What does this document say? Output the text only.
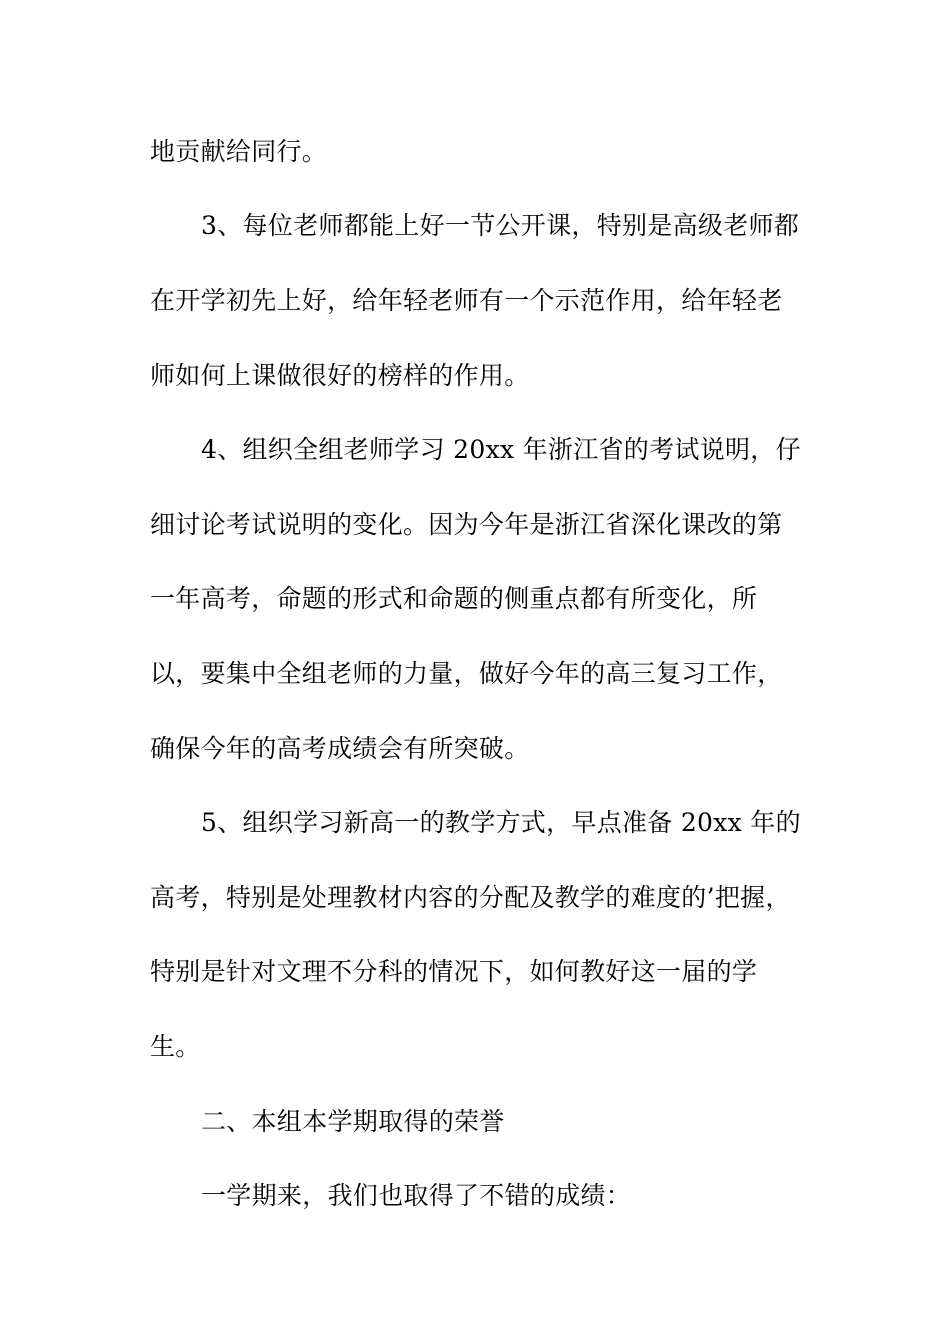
地贡献给同行。
3、每位老师都能上好一节公开课，特别是高级老师都
在开学初先上好，给年轻老师有一个示范作用，给年轻老
师如何上课做很好的榜样的作用。
4、组织全组老师学习 20xx 年浙江省的考试说明，仔
细讨论考试说明的变化。因为今年是浙江省深化课改的第
一年高考，命题的形式和命题的侧重点都有所变化，所
以，要集中全组老师的力量，做好今年的高三复习工作，
确保今年的高考成绩会有所突破。
5、组织学习新高一的教学方式，早点准备 20xx 年的
高考，特别是处理教材内容的分配及教学的难度的’把握，
特别是针对文理不分科的情况下，如何教好这一届的学
生。
二、本组本学期取得的荣誉
一学期来，我们也取得了不错的成绩：
